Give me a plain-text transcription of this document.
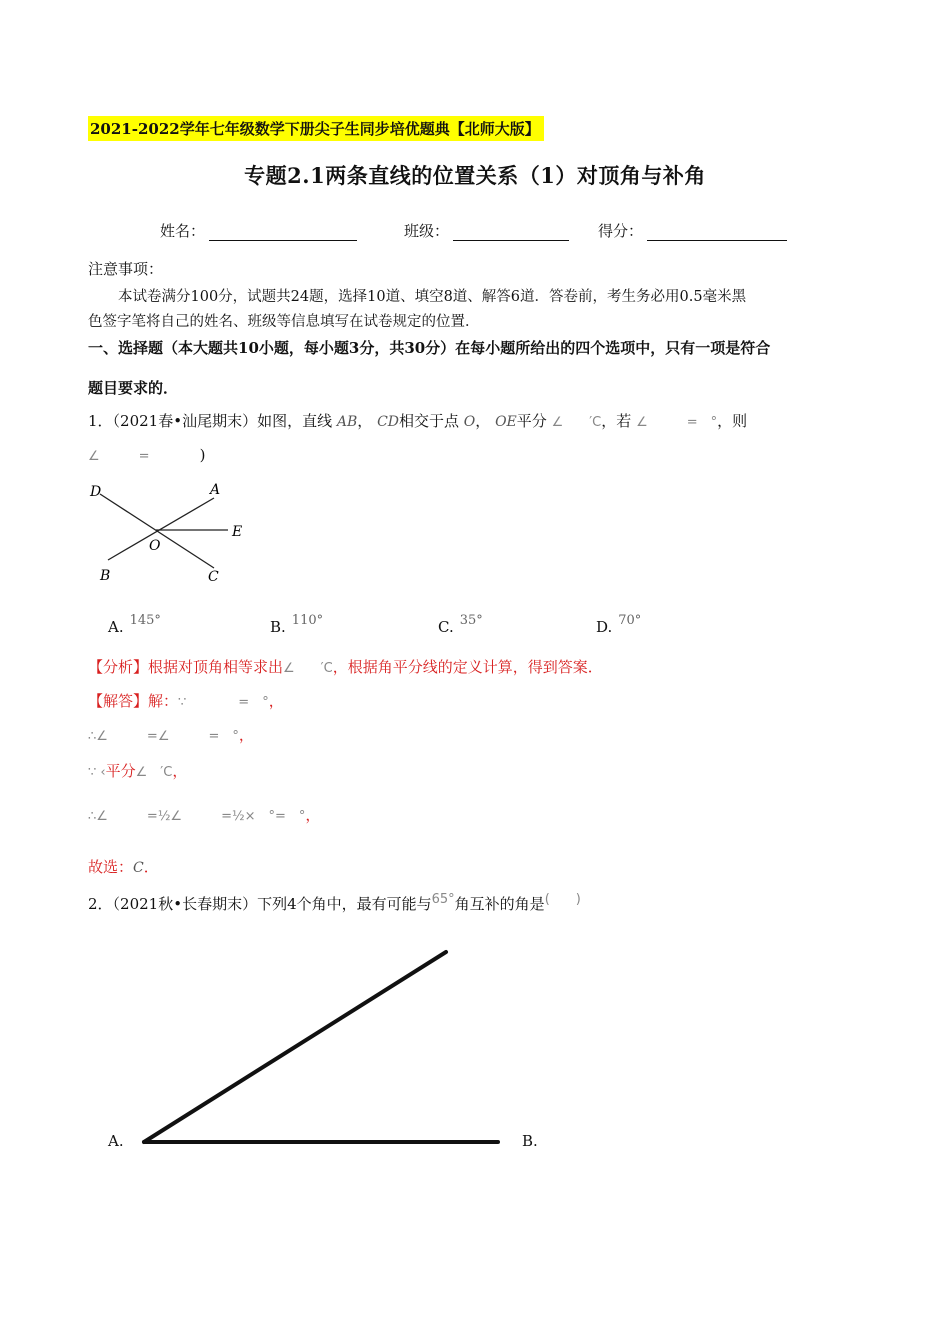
2021-2022学年七年级数学下册尖子生同步培优题典【北师大版】
专题2.1两条直线的位置关系（1）对顶角与补角
姓名：	班级：	得分：
注意事项：
本试卷满分100分，试题共24题，选择10道、填空8道、解答6道．答卷前，考生务必用0.5毫米黑
色签字笔将自己的姓名、班级等信息填写在试卷规定的位置．
一、选择题（本大题共10小题，每小题3分，共30分）在每小题所给出的四个选项中，只有一项是符合
题目要求的．
1．（2021春•汕尾期末）如图，直线 AB， CD相交于点 O， OE平分 ∠　　′C，若 ∠　　　=　°，则
∠　　　=	)
D	A
E
O
B	C
A. 145°	B. 110°	C. 35°	D. 70°
【分析】根据对顶角相等求出∠　　′C，根据角平分线的定义计算，得到答案．
【解答】解：∵　　　　=　°，
∴∠　　　=∠　　　=　°，
∵ ‹平分∠　′C，
∴∠　　　=½∠　　　=½×　°=　°，
故选：C．
2．（2021秋•长春期末）下列4个角中，最有可能与65°角互补的角是(　　)
A.	B.
